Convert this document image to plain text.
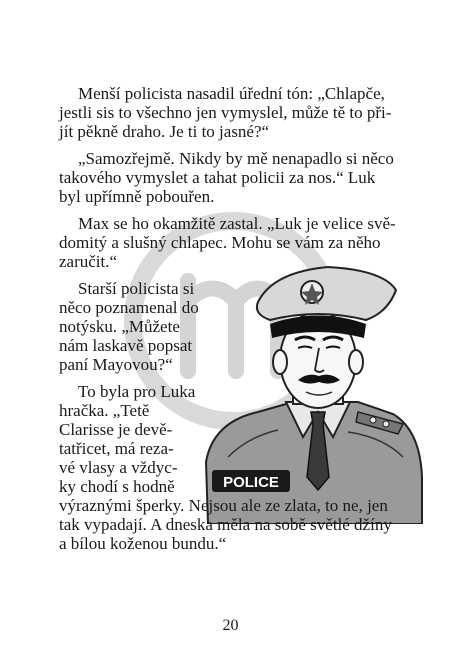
POLICE
Menší policista nasadil úřední tón: „Chlapče,
jestli sis to všechno jen vymyslel, může tě to při-
jít pěkně draho. Je ti to jasné?“
„Samozřejmě. Nikdy by mě nenapadlo si něco
takového vymyslet a tahat policii za nos.“ Luk
byl upřímně pobouřen.
Max se ho okamžitě zastal. „Luk je velice svě-
domitý a slušný chlapec. Mohu se vám za něho
zaručit.“
Starší policista si
něco poznamenal do
notýsku. „Můžete
nám laskavě popsat
paní Mayovou?“
To byla pro Luka
hračka. „Tetě
Clarisse je devě-
tatřicet, má reza-
vé vlasy a vždyc-
ky chodí s hodně
výraznými šperky. Nejsou ale ze zlata, to ne, jen
tak vypadají. A dneska měla na sobě světlé džíny
a bílou koženou bundu.“
20
